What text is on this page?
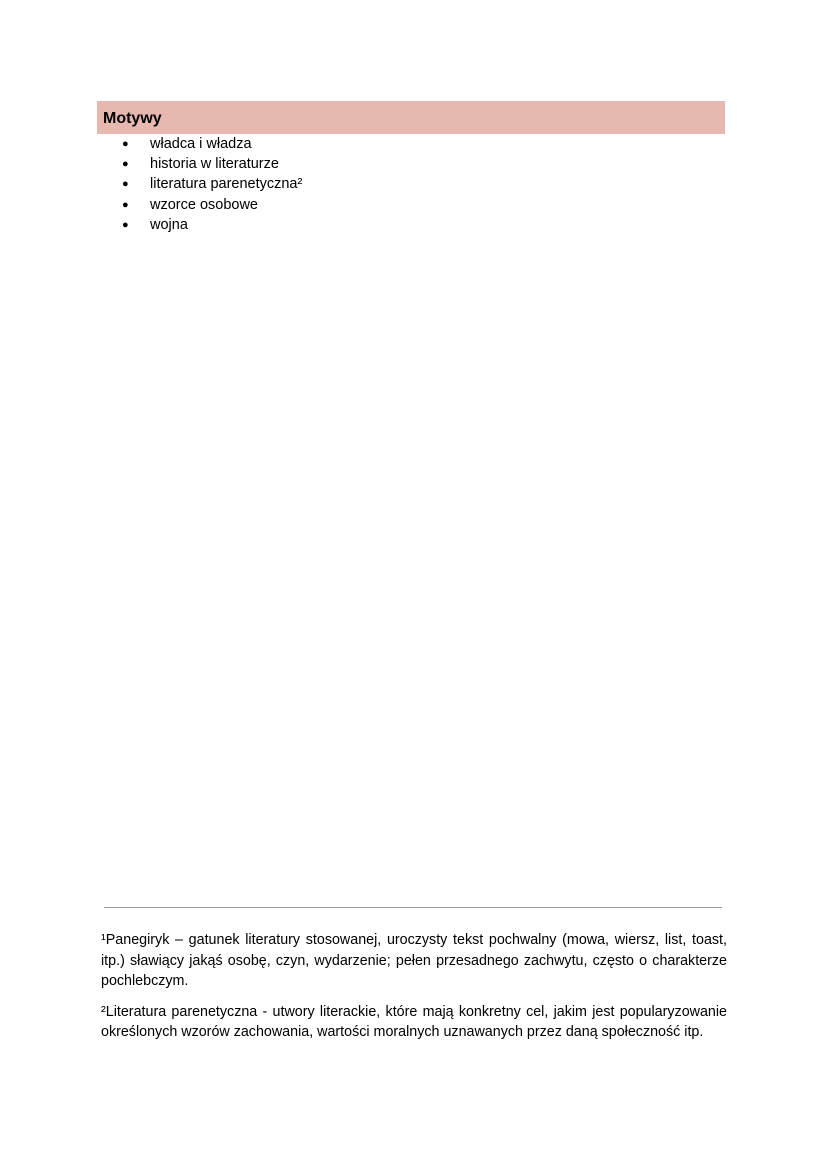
Motywy
●	władca i władza
●	historia w literaturze
●	literatura parenetyczna²
●	wzorce osobowe
●	wojna

¹Panegiryk – gatunek literatury stosowanej, uroczysty tekst pochwalny (mowa, wiersz, list, toast, itp.) sławiący jakąś osobę, czyn, wydarzenie; pełen przesadnego zachwytu, często o charakterze pochlebczym.

²Literatura parenetyczna - utwory literackie, które mają konkretny cel, jakim jest popularyzowanie określonych wzorów zachowania, wartości moralnych uznawanych przez daną społeczność itp.
